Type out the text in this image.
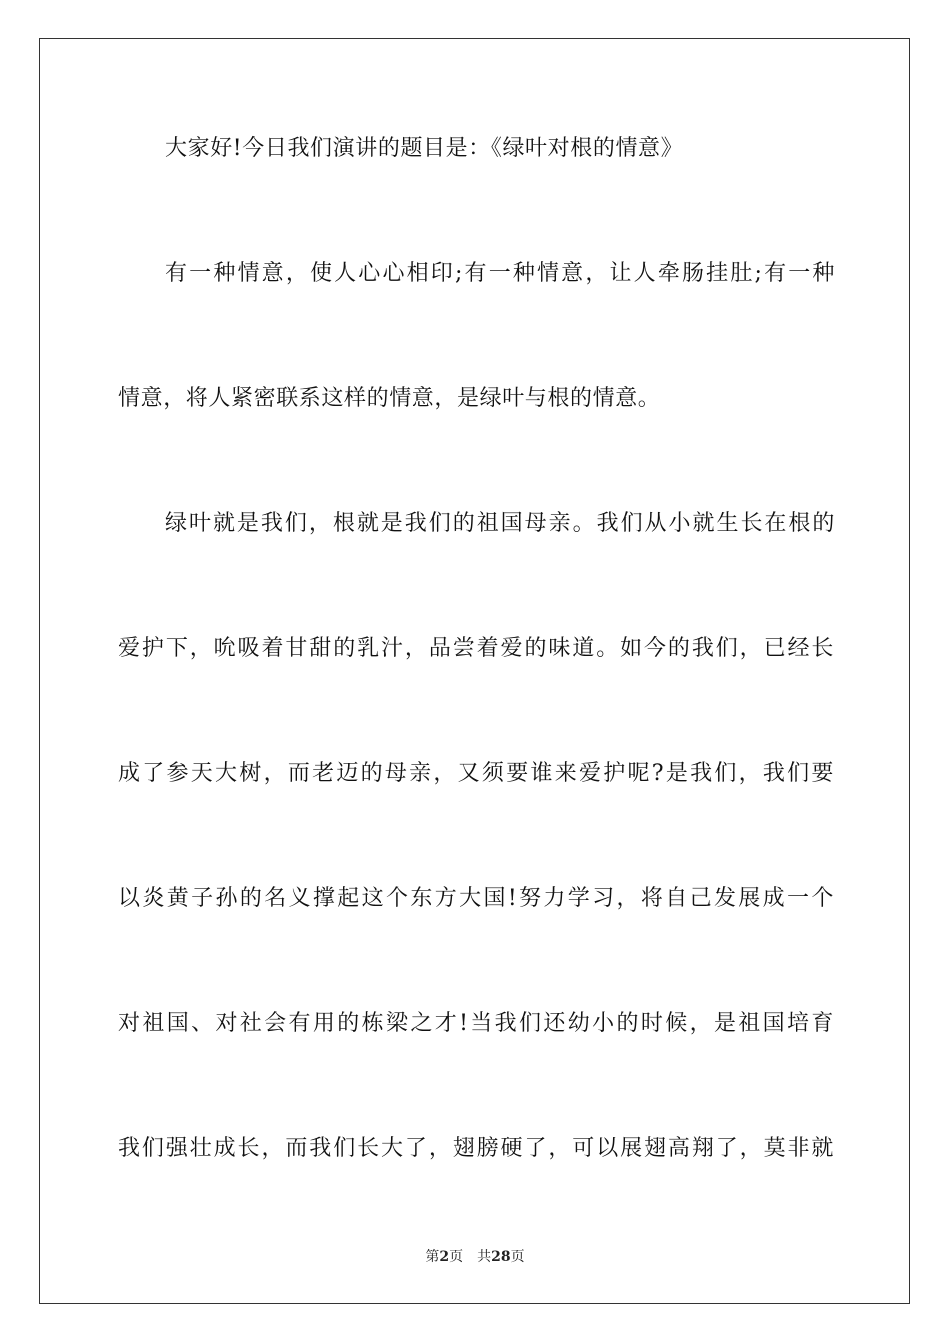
大家好!今日我们演讲的题目是：《绿叶对根的情意》
有一种情意，使人心心相印;有一种情意，让人牵肠挂肚;有一种
情意，将人紧密联系这样的情意，是绿叶与根的情意。
绿叶就是我们，根就是我们的祖国母亲。我们从小就生长在根的
爱护下，吮吸着甘甜的乳汁，品尝着爱的味道。如今的我们，已经长
成了参天大树，而老迈的母亲，又须要谁来爱护呢?是我们，我们要
以炎黄子孙的名义撑起这个东方大国!努力学习，将自己发展成一个
对祖国、对社会有用的栋梁之才!当我们还幼小的时候，是祖国培育
我们强壮成长，而我们长大了，翅膀硬了，可以展翅高翔了，莫非就
第2页 共28页
